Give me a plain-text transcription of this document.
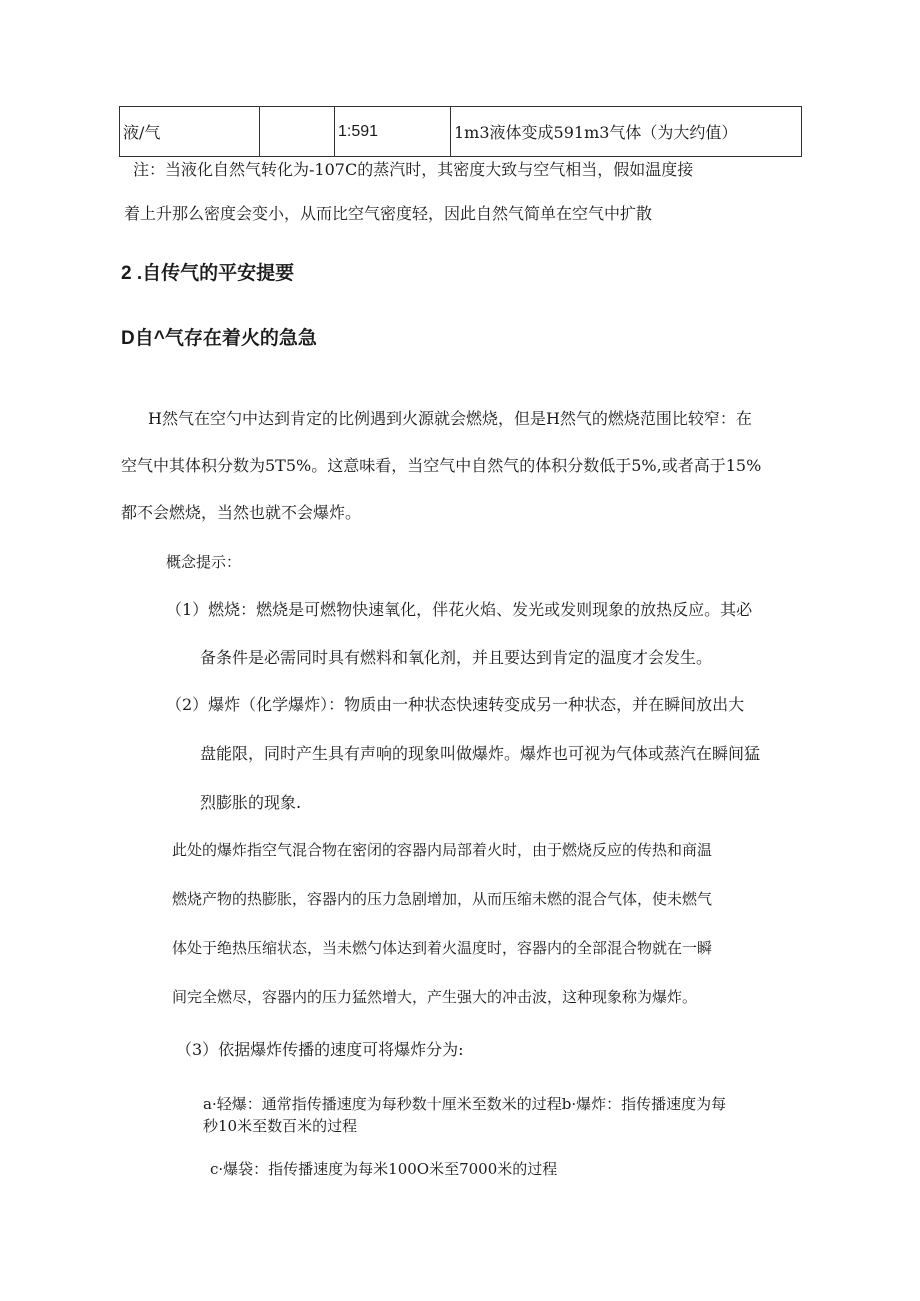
液/气		1:591	1m3液体变成591m3气体（为大约值）
注：当液化自然气转化为-107C的蒸汽时，其密度大致与空气相当，假如温度接
着上升那么密度会变小，从而比空气密度轻，因此自然气简单在空气中扩散
2 .自传气的平安提要
D自^气存在着火的急急
H然气在空勺中达到肯定的比例遇到火源就会燃烧，但是H然气的燃烧范围比较窄：在
空气中其体积分数为5T5%。这意味看，当空气中自然气的体积分数低于5%,或者高于15%
都不会燃烧，当然也就不会爆炸。
概念提示：
（1）燃烧：燃烧是可燃物快速氧化，伴花火焰、发光或发则现象的放热反应。其必
备条件是必需同时具有燃料和氧化剂，并且要达到肯定的温度才会发生。
（2）爆炸（化学爆炸）：物质由一种状态快速转变成另一种状态，并在瞬间放出大
盘能限，同时产生具有声响的现象叫做爆炸。爆炸也可视为气体或蒸汽在瞬间猛
烈膨胀的现象.
此处的爆炸指空气混合物在密闭的容器内局部着火时，由于燃烧反应的传热和商温
燃烧产物的热膨胀，容器内的压力急剧增加，从而压缩未燃的混合气体，使未燃气
体处于绝热压缩状态，当未燃勺体达到着火温度时，容器内的全部混合物就在一瞬
间完全燃尽，容器内的压力猛然增大，产生强大的冲击波，这种现象称为爆炸。
（3）依据爆炸传播的速度可将爆炸分为:
a·轻爆：通常指传播速度为每秒数十厘米至数米的过程b·爆炸：指传播速度为每
秒10米至数百米的过程
c·爆袋：指传播速度为每米100O米至7000米的过程
